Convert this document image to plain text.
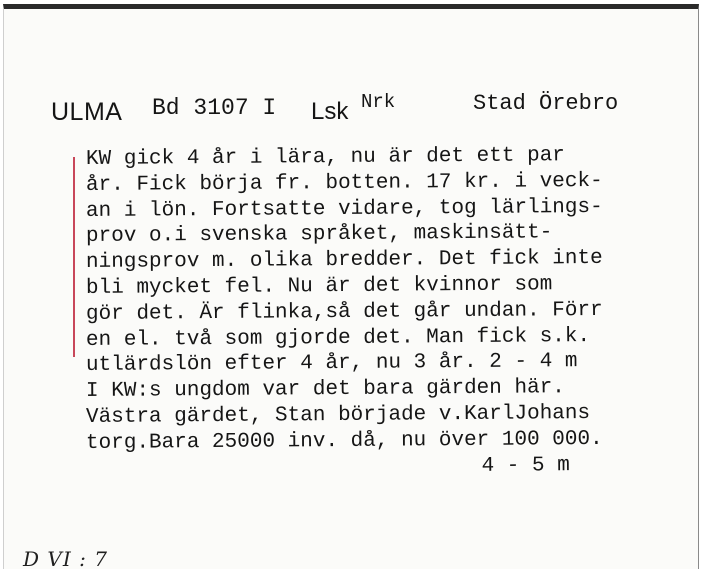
ULMA Bd 3107 I Lsk Nrk	Stad Örebro
KW gick 4 år i lära, nu är det ett par
år. Fick börja fr. botten. 17 kr. i veck-
an i lön. Fortsatte vidare, tog lärlings-
prov o.i svenska språket, maskinsätt-
ningsprov m. olika bredder. Det fick inte
bli mycket fel. Nu är det kvinnor som
gör det. Är flinka,så det går undan. Förr
en el. två som gjorde det. Man fick s.k.
utlärdslön efter 4 år, nu 3 år. 2 - 4 m
I KW:s ungdom var det bara gärden här.
Västra gärdet, Stan började v.KarlJohans
torg.Bara 25000 inv. då, nu över 100 000.
4 - 5 m
D VI : 7
